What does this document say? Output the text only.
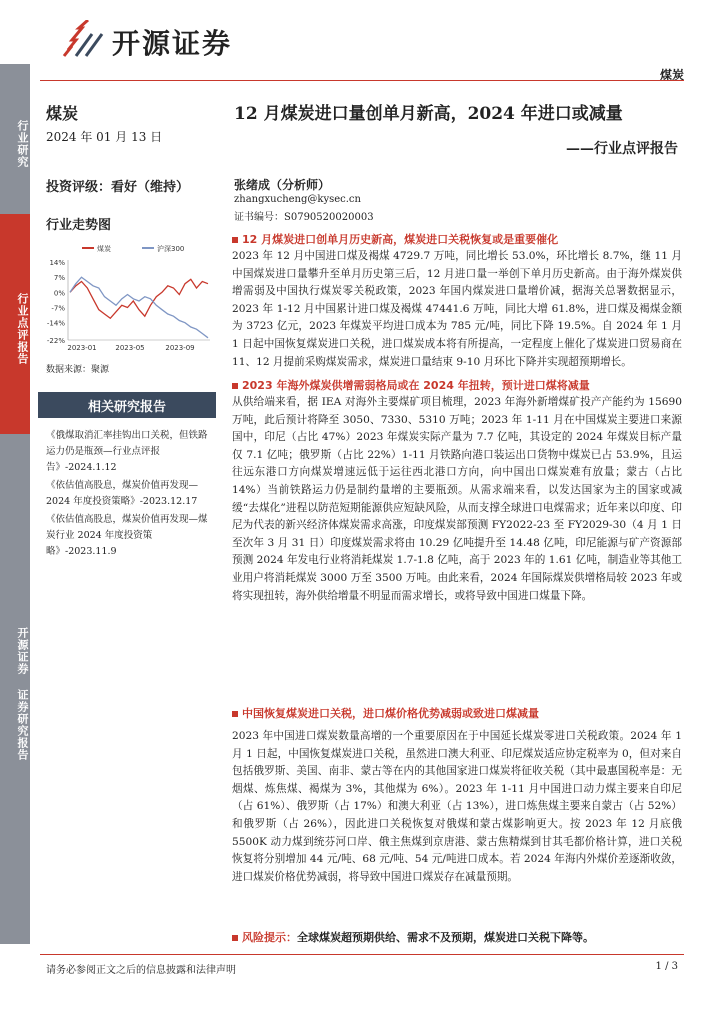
行业研究
行业点评报告
开源证券 证券研究报告
开源证券
煤炭
煤炭
2024 年 01 月 13 日
12 月煤炭进口量创单月新高，2024 年进口或减量
——行业点评报告
投资评级：看好（维持）	张绪成（分析师）
zhangxucheng@kysec.cn
证书编号：S0790520020003
行业走势图
煤炭	沪深300
14%
7%
0%
-7%
-14%
-22%
2023-01	2023-05	2023-09
数据来源：聚源
相关研究报告
《俄煤取消汇率挂钩出口关税，但铁路运力仍是瓶颈—行业点评报告》-2024.1.12
《依估值高股息，煤炭价值再发现—2024 年度投资策略》-2023.12.17
《依估值高股息，煤炭价值再发现—煤炭行业 2024 年度投资策略》-2023.11.9
12 月煤炭进口创单月历史新高，煤炭进口关税恢复或是重要催化
2023 年 12 月中国进口煤及褐煤 4729.7 万吨，同比增长 53.0%，环比增长 8.7%，继 11 月中国煤炭进口量攀升至单月历史第三后，12 月进口量一举创下单月历史新高。由于海外煤炭供增需弱及中国执行煤炭零关税政策，2023 年国内煤炭进口量增价减，据海关总署数据显示，2023 年 1-12 月中国累计进口煤及褐煤 47441.6 万吨，同比大增 61.8%，进口煤及褐煤金额为 3723 亿元，2023 年煤炭平均进口成本为 785 元/吨，同比下降 19.5%。自 2024 年 1 月 1 日起中国恢复煤炭进口关税，进口煤炭成本将有所提高，一定程度上催化了煤炭进口贸易商在 11、12 月提前采购煤炭需求，煤炭进口量结束 9-10 月环比下降并实现超预期增长。
2023 年海外煤炭供增需弱格局或在 2024 年扭转，预计进口煤将减量
从供给端来看，据 IEA 对海外主要煤矿项目梳理，2023 年海外新增煤矿投产产能约为 15690 万吨，此后预计将降至 3050、7330、5310 万吨；2023 年 1-11 月在中国煤炭主要进口来源国中，印尼（占比 47%）2023 年煤炭实际产量为 7.7 亿吨，其设定的 2024 年煤炭目标产量仅 7.1 亿吨；俄罗斯（占比 22%）1-11 月铁路向港口装运出口货物中煤炭已占 53.9%，且运往远东港口方向煤炭增速远低于运往西北港口方向，向中国出口煤炭难有放量；蒙古（占比 14%）当前铁路运力仍是制约量增的主要瓶颈。从需求端来看，以发达国家为主的国家或减缓“去煤化”进程以防范短期能源供应短缺风险，从而支撑全球进口电煤需求；近年来以印度、印尼为代表的新兴经济体煤炭需求高涨，印度煤炭部预测 FY2022-23 至 FY2029-30（4 月 1 日至次年 3 月 31 日）印度煤炭需求将由 10.29 亿吨提升至 14.48 亿吨，印尼能源与矿产资源部预测 2024 年发电行业将消耗煤炭 1.7-1.8 亿吨，高于 2023 年的 1.61 亿吨，制造业等其他工业用户将消耗煤炭 3000 万至 3500 万吨。由此来看，2024 年国际煤炭供增格局较 2023 年或将实现扭转，海外供给增量不明显而需求增长，或将导致中国进口煤量下降。
中国恢复煤炭进口关税，进口煤价格优势减弱或致进口煤减量
2023 年中国进口煤炭数量高增的一个重要原因在于中国延长煤炭零进口关税政策。2024 年 1 月 1 日起，中国恢复煤炭进口关税，虽然进口澳大利亚、印尼煤炭适应协定税率为 0，但对来自包括俄罗斯、美国、南非、蒙古等在内的其他国家进口煤炭将征收关税（其中最惠国税率是：无烟煤、炼焦煤、褐煤为 3%，其他煤为 6%）。2023 年 1-11 月中国进口动力煤主要来自印尼（占 61%）、俄罗斯（占 17%）和澳大利亚（占 13%），进口炼焦煤主要来自蒙古（占 52%）和俄罗斯（占 26%），因此进口关税恢复对俄煤和蒙古煤影响更大。按 2023 年 12 月底俄 5500K 动力煤到统芬河口岸、俄主焦煤到京唐港、蒙古焦精煤到甘其毛都价格计算，进口关税恢复将分别增加 44 元/吨、68 元/吨、54 元/吨进口成本。若 2024 年海内外煤价差逐渐收敛，进口煤炭价格优势减弱，将导致中国进口煤炭存在减量预期。
风险提示：全球煤炭超预期供给、需求不及预期，煤炭进口关税下降等。
请务必参阅正文之后的信息披露和法律声明	1 / 3
